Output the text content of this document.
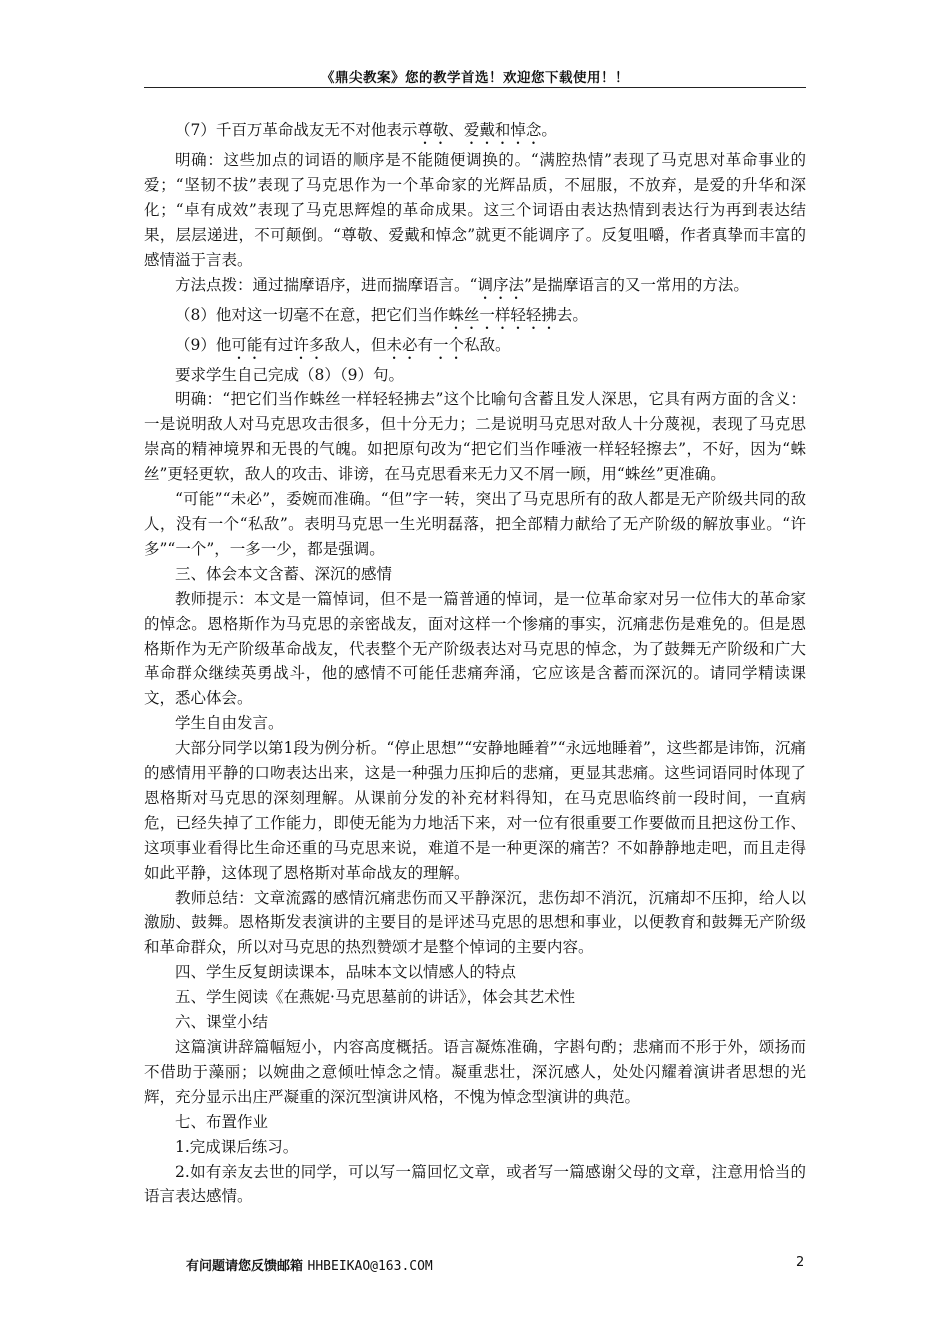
《鼎尖教案》您的教学首选！欢迎您下载使用！！

（7）千百万革命战友无不对他表示尊敬、爱戴和悼念。

明确：这些加点的词语的顺序是不能随便调换的。“满腔热情”表现了马克思对革命事业的爱；“坚韧不拔”表现了马克思作为一个革命家的光辉品质，不屈服，不放弃，是爱的升华和深化；“卓有成效”表现了马克思辉煌的革命成果。这三个词语由表达热情到表达行为再到表达结果，层层递进，不可颠倒。“尊敬、爱戴和悼念”就更不能调序了。反复咀嚼，作者真挚而丰富的感情溢于言表。

方法点拨：通过揣摩语序，进而揣摩语言。“调序法”是揣摩语言的又一常用的方法。

（8）他对这一切毫不在意，把它们当作蛛丝一样轻轻拂去。

（9）他可能有过许多敌人，但未必有一个私敌。

要求学生自己完成（8）（9）句。

明确：“把它们当作蛛丝一样轻轻拂去”这个比喻句含蓄且发人深思，它具有两方面的含义：一是说明敌人对马克思攻击很多，但十分无力；二是说明马克思对敌人十分蔑视，表现了马克思崇高的精神境界和无畏的气魄。如把原句改为“把它们当作唾液一样轻轻擦去”，不好，因为“蛛丝”更轻更软，敌人的攻击、诽谤，在马克思看来无力又不屑一顾，用“蛛丝”更准确。

“可能”“未必”，委婉而准确。“但”字一转，突出了马克思所有的敌人都是无产阶级共同的敌人，没有一个“私敌”。表明马克思一生光明磊落，把全部精力献给了无产阶级的解放事业。“许多”“一个”，一多一少，都是强调。

三、体会本文含蓄、深沉的感情

教师提示：本文是一篇悼词，但不是一篇普通的悼词，是一位革命家对另一位伟大的革命家的悼念。恩格斯作为马克思的亲密战友，面对这样一个惨痛的事实，沉痛悲伤是难免的。但是恩格斯作为无产阶级革命战友，代表整个无产阶级表达对马克思的悼念，为了鼓舞无产阶级和广大革命群众继续英勇战斗，他的感情不可能任悲痛奔涌，它应该是含蓄而深沉的。请同学精读课文，悉心体会。

学生自由发言。

大部分同学以第1段为例分析。“停止思想”“安静地睡着”“永远地睡着”，这些都是讳饰，沉痛的感情用平静的口吻表达出来，这是一种强力压抑后的悲痛，更显其悲痛。这些词语同时体现了恩格斯对马克思的深刻理解。从课前分发的补充材料得知，在马克思临终前一段时间，一直病危，已经失掉了工作能力，即使无能为力地活下来，对一位有很重要工作要做而且把这份工作、这项事业看得比生命还重的马克思来说，难道不是一种更深的痛苦？不如静静地走吧，而且走得如此平静，这体现了恩格斯对革命战友的理解。

教师总结：文章流露的感情沉痛悲伤而又平静深沉，悲伤却不消沉，沉痛却不压抑，给人以激励、鼓舞。恩格斯发表演讲的主要目的是评述马克思的思想和事业，以便教育和鼓舞无产阶级和革命群众，所以对马克思的热烈赞颂才是整个悼词的主要内容。

四、学生反复朗读课本，品味本文以情感人的特点

五、学生阅读《在燕妮·马克思墓前的讲话》，体会其艺术性

六、课堂小结

这篇演讲辞篇幅短小，内容高度概括。语言凝炼准确，字斟句酌；悲痛而不形于外，颂扬而不借助于藻丽；以婉曲之意倾吐悼念之情。凝重悲壮，深沉感人，处处闪耀着演讲者思想的光辉，充分显示出庄严凝重的深沉型演讲风格，不愧为悼念型演讲的典范。

七、布置作业

1.完成课后练习。

2.如有亲友去世的同学，可以写一篇回忆文章，或者写一篇感谢父母的文章，注意用恰当的语言表达感情。

有问题请您反馈邮箱 HHBEIKAO@163.COM	2
